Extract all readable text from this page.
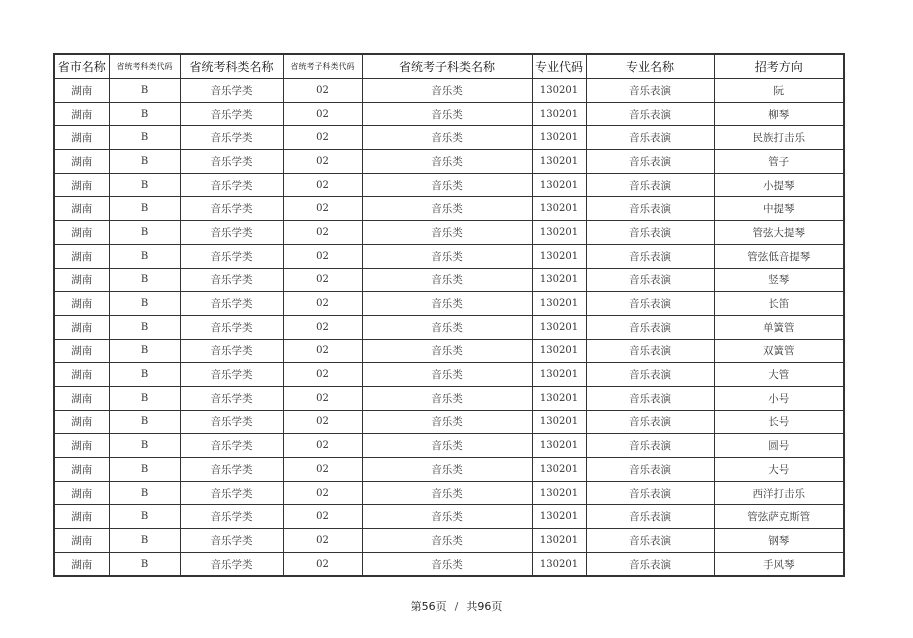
省市名称	省统考科类代码	省统考科类名称	省统考子科类代码	省统考子科类名称	专业代码	专业名称	招考方向
湖南	B	音乐学类	02	音乐类	130201	音乐表演	阮
湖南	B	音乐学类	02	音乐类	130201	音乐表演	柳琴
湖南	B	音乐学类	02	音乐类	130201	音乐表演	民族打击乐
湖南	B	音乐学类	02	音乐类	130201	音乐表演	管子
湖南	B	音乐学类	02	音乐类	130201	音乐表演	小提琴
湖南	B	音乐学类	02	音乐类	130201	音乐表演	中提琴
湖南	B	音乐学类	02	音乐类	130201	音乐表演	管弦大提琴
湖南	B	音乐学类	02	音乐类	130201	音乐表演	管弦低音提琴
湖南	B	音乐学类	02	音乐类	130201	音乐表演	竖琴
湖南	B	音乐学类	02	音乐类	130201	音乐表演	长笛
湖南	B	音乐学类	02	音乐类	130201	音乐表演	单簧管
湖南	B	音乐学类	02	音乐类	130201	音乐表演	双簧管
湖南	B	音乐学类	02	音乐类	130201	音乐表演	大管
湖南	B	音乐学类	02	音乐类	130201	音乐表演	小号
湖南	B	音乐学类	02	音乐类	130201	音乐表演	长号
湖南	B	音乐学类	02	音乐类	130201	音乐表演	圆号
湖南	B	音乐学类	02	音乐类	130201	音乐表演	大号
湖南	B	音乐学类	02	音乐类	130201	音乐表演	西洋打击乐
湖南	B	音乐学类	02	音乐类	130201	音乐表演	管弦萨克斯管
湖南	B	音乐学类	02	音乐类	130201	音乐表演	钢琴
湖南	B	音乐学类	02	音乐类	130201	音乐表演	手风琴
第56页 / 共96页
